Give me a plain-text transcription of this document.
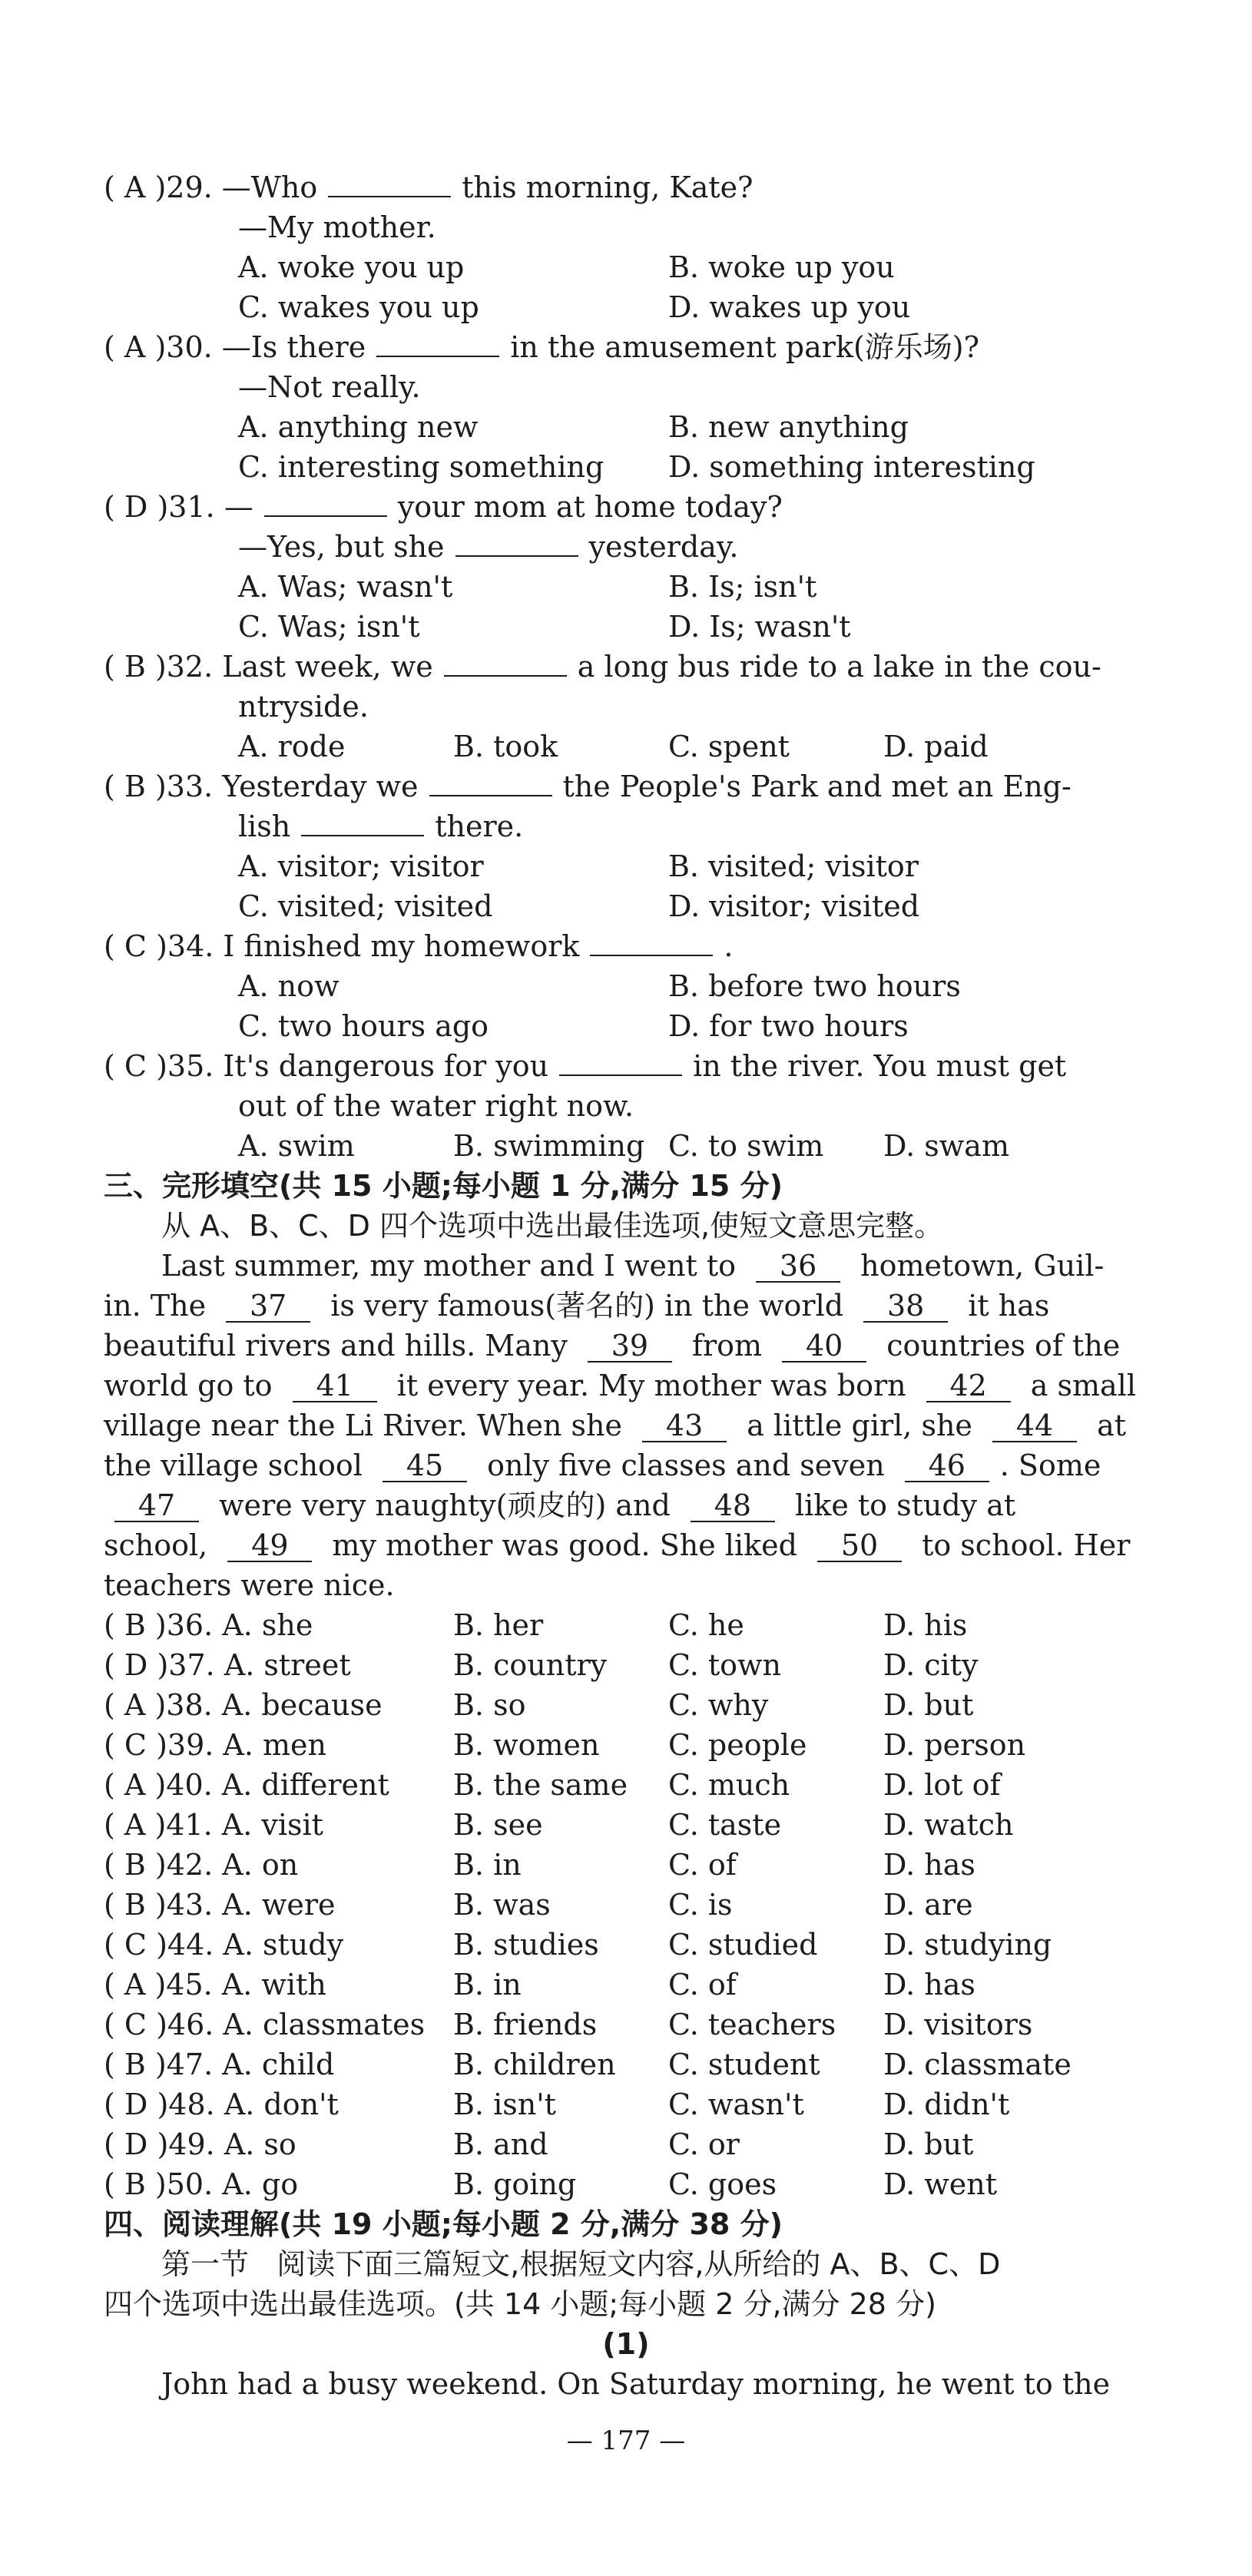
( A )29. —Who	this morning, Kate?
—My mother.
A. woke you up	B. woke up you
C. wakes you up	D. wakes up you
( A )30. —Is there	in the amusement park(游乐场)?
—Not really.
A. anything new	B. new anything
C. interesting something D. something interesting
( D )31. —	your mom at home today?
—Yes, but she	yesterday.
A. Was; wasn't	B. Is; isn't
C. Was; isn't	D. Is; wasn't
( B )32. Last week, we	a long bus ride to a lake in the cou-
ntryside.
A. rode	B. took	C. spent	D. paid
( B )33. Yesterday we	the People's Park and met an Eng-
lish	there.
A. visitor; visitor	B. visited; visitor
C. visited; visited	D. visitor; visited
( C )34. I finished my homework	.
A. now	B. before two hours
C. two hours ago	D. for two hours
( C )35. It's dangerous for you	in the river. You must get
out of the water right now.
A. swim	B. swimming C. to swim D. swam
三、完形填空(共 15 小题;每小题 1 分,满分 15 分)
从 A、B、C、D 四个选项中选出最佳选项,使短文意思完整。
Last summer, my mother and I went to 36 hometown, Guil-
in. The 37 is very famous(著名的) in the world 38 it has
beautiful rivers and hills. Many 39 from 40 countries of the
world go to 41 it every year. My mother was born 42 a small
village near the Li River. When she 43 a little girl, she 44 at
the village school 45 only five classes and seven 46 . Some
47 were very naughty(顽皮的) and 48 like to study at
school, 49 my mother was good. She liked 50 to school. Her
teachers were nice.
( B )36. A. she	B. her	C. he	D. his
( D )37. A. street	B. country C. town	D. city
( A )38. A. because B. so	C. why	D. but
( C )39. A. men	B. women C. people	D. person
( A )40. A. different B. the same C. much	D. lot of
( A )41. A. visit	B. see	C. taste	D. watch
( B )42. A. on	B. in	C. of	D. has
( B )43. A. were	B. was	C. is	D. are
( C )44. A. study	B. studies C. studied D. studying
( A )45. A. with	B. in	C. of	D. has
( C )46. A. classmates B. friends C. teachers D. visitors
( B )47. A. child	B. children C. student D. classmate
( D )48. A. don't	B. isn't	C. wasn't	D. didn't
( D )49. A. so	B. and	C. or	D. but
( B )50. A. go	B. going	C. goes	D. went
四、阅读理解(共 19 小题;每小题 2 分,满分 38 分)
第一节   阅读下面三篇短文,根据短文内容,从所给的 A、B、C、D
四个选项中选出最佳选项。(共 14 小题;每小题 2 分,满分 28 分)
(1)
John had a busy weekend. On Saturday morning, he went to the
— 177 —
